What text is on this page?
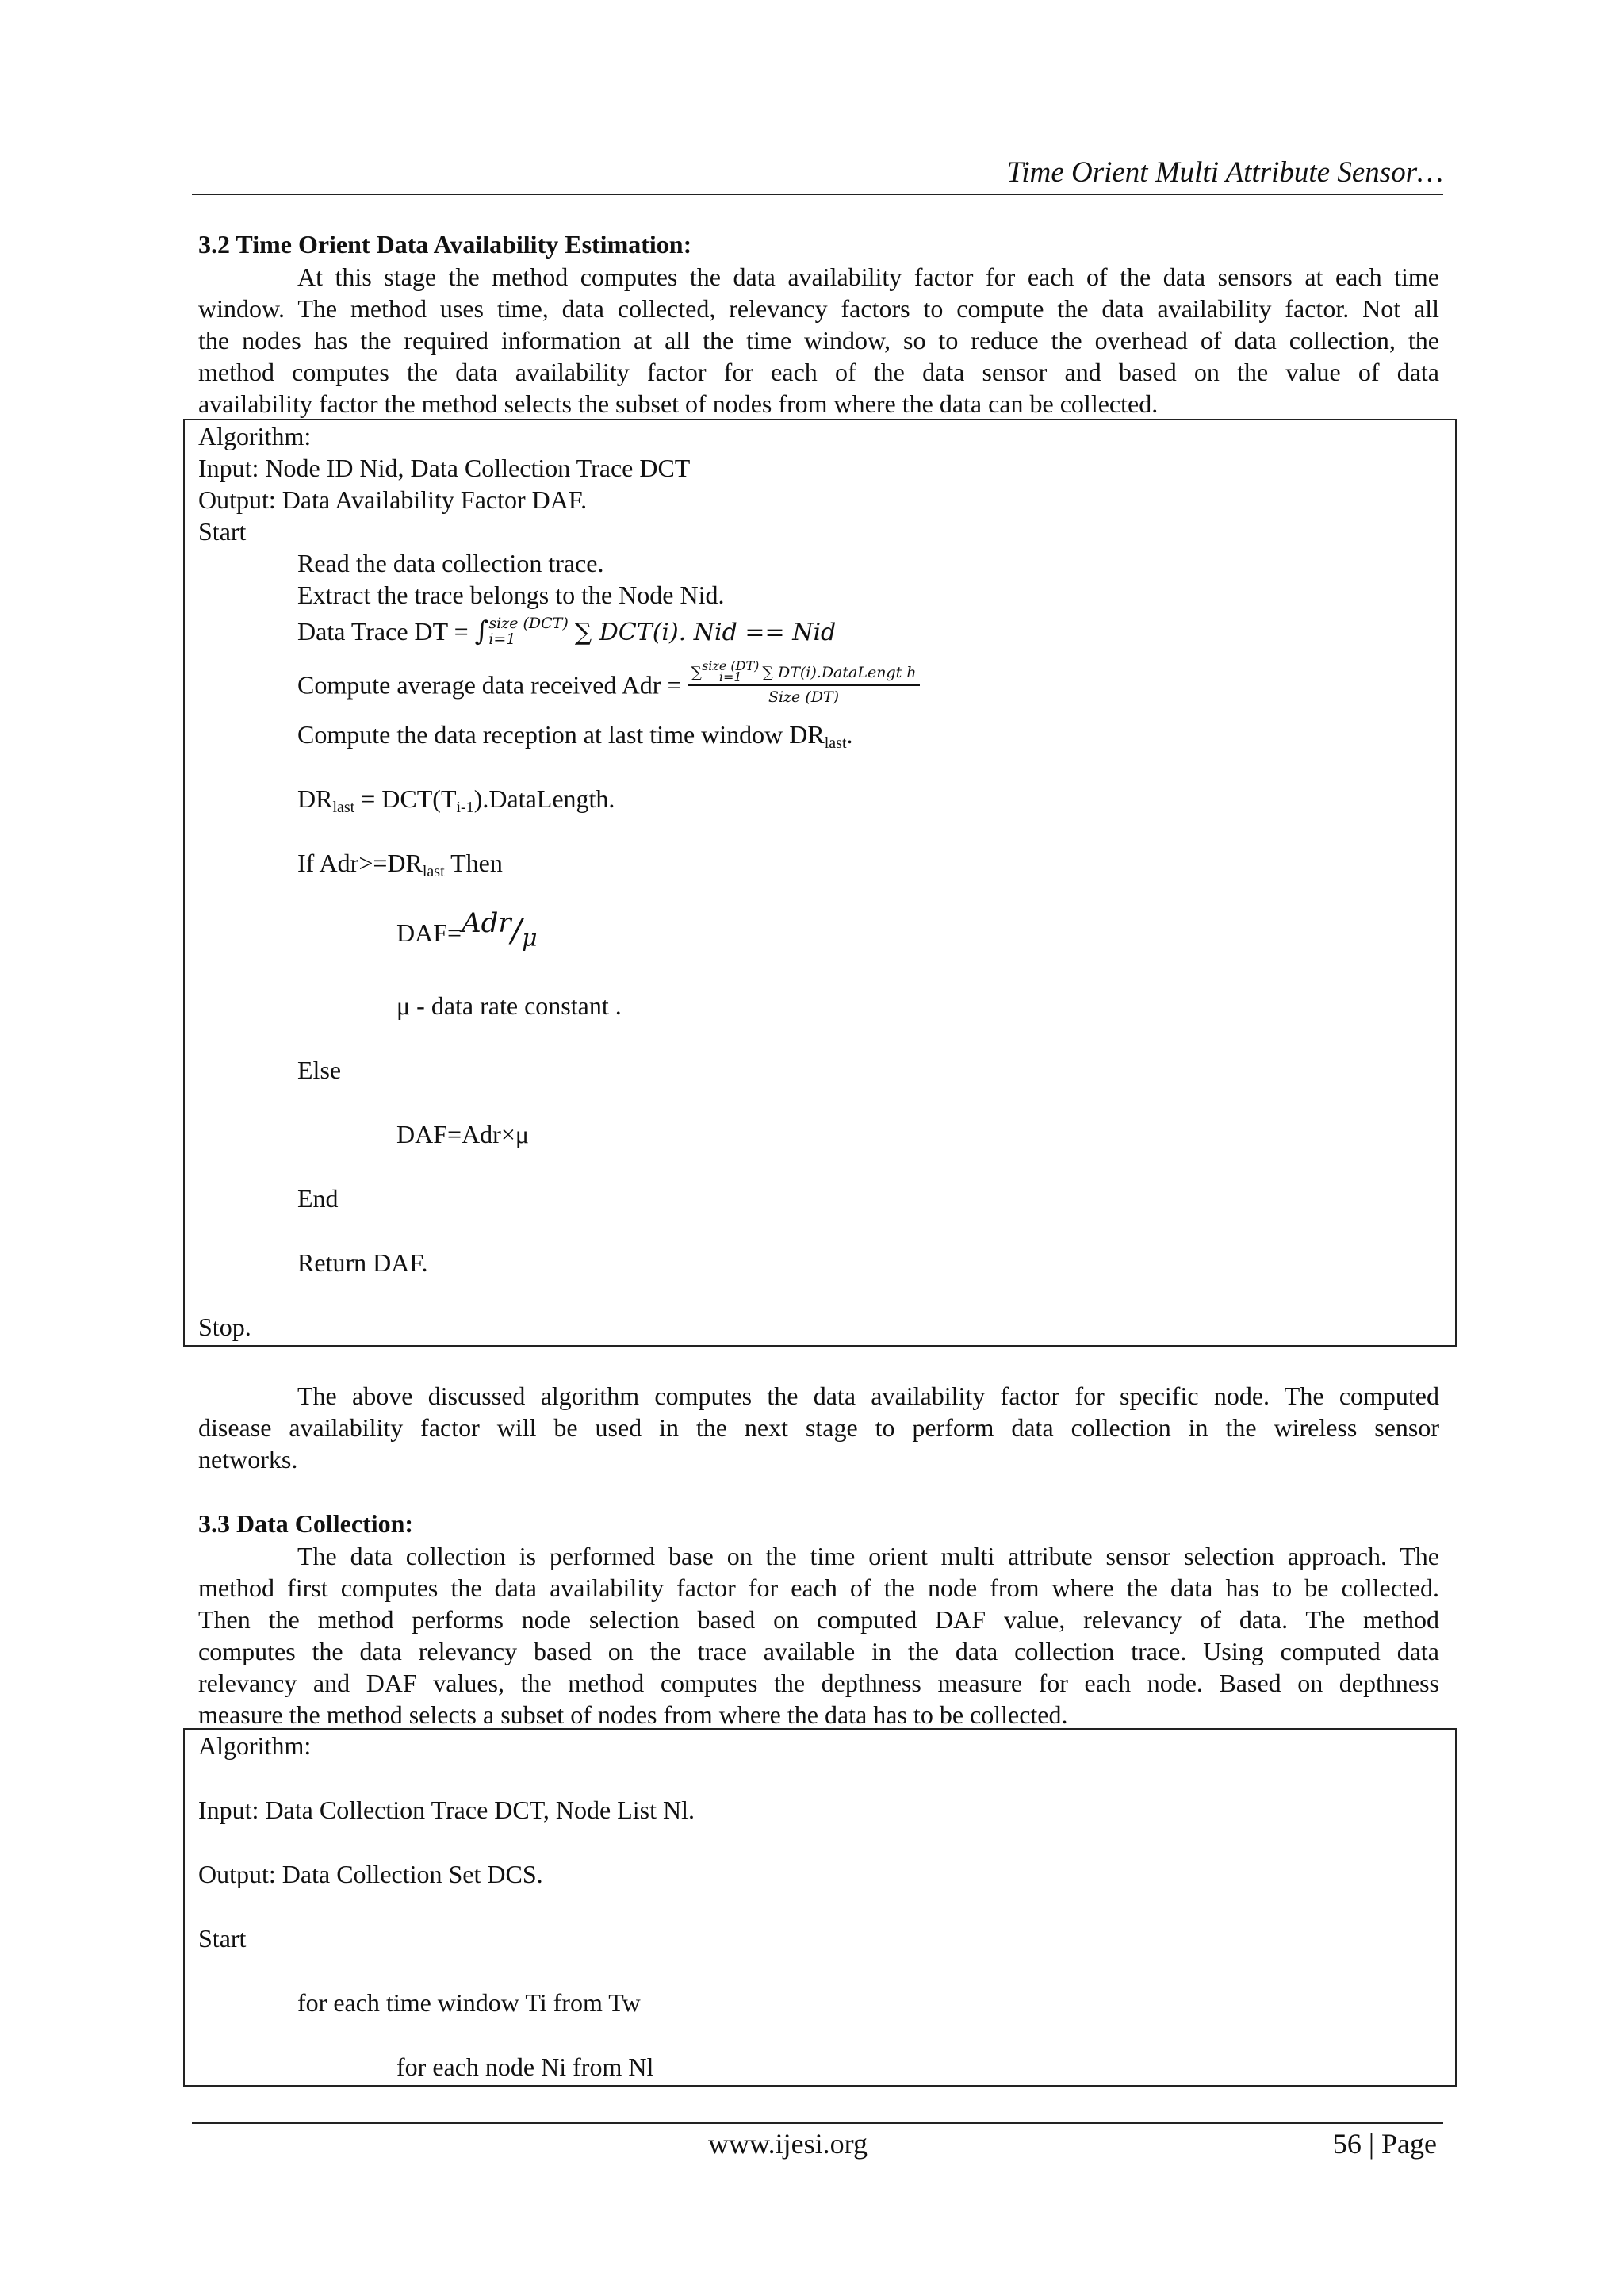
Time Orient Multi Attribute Sensor…
3.2 Time Orient Data Availability Estimation:
At this stage the method computes the data availability factor for each of the data sensors at each time
window. The method uses time, data collected, relevancy factors to compute the data availability factor. Not all
the nodes has the required information at all the time window, so to reduce the overhead of data collection, the
method computes the data availability factor for each of the data sensor and based on the value of data
availability factor the method selects the subset of nodes from where the data can be collected.
Algorithm:
Input: Node ID Nid, Data Collection Trace DCT
Output: Data Availability Factor DAF.
Start
Read the data collection trace.
Extract the trace belongs to the Node Nid.
Data Trace DT = ∫ size (DCT)
i=1	∑ DCT(i). Nid == Nid
Compute average data received Adr = ∑ size (DT)
i=1	∑ DT(i).DataLengt h
Size (DT)
Compute the data reception at last time window $DR_{last}$.
$DR_{last}$ = $DCT(T_{i-1}).DataLength$.
If $Adr>=DR_{last}$ Then
DAF=Adr/μ
μ - data rate constant .
Else
DAF=Adr×μ
End
Return DAF.
Stop.
The above discussed algorithm computes the data availability factor for specific node. The computed
disease availability factor will be used in the next stage to perform data collection in the wireless sensor
networks.
3.3 Data Collection:
The data collection is performed base on the time orient multi attribute sensor selection approach. The
method first computes the data availability factor for each of the node from where the data has to be collected.
Then the method performs node selection based on computed DAF value, relevancy of data. The method
computes the data relevancy based on the trace available in the data collection trace. Using computed data
relevancy and DAF values, the method computes the depthness measure for each node. Based on depthness
measure the method selects a subset of nodes from where the data has to be collected.
Algorithm:
Input: Data Collection Trace DCT, Node List Nl.
Output: Data Collection Set DCS.
Start
for each time window Ti from Tw
for each node Ni from Nl
www.ijesi.org	56 | Page
